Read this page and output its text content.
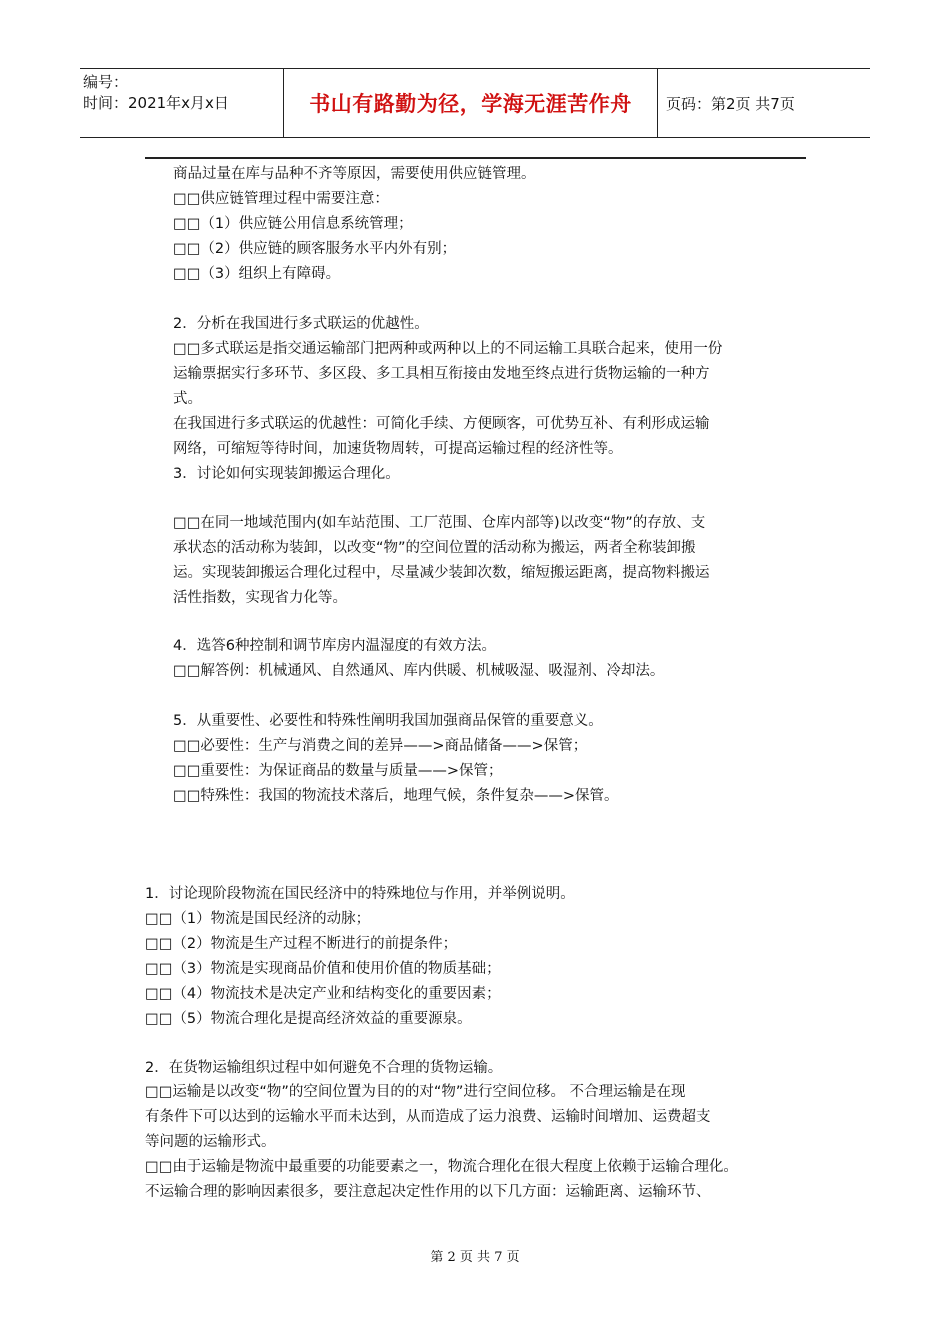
编号：
时间：2021年x月x日	书山有路勤为径，学海无涯苦作舟 页码：第2页 共7页
商品过量在库与品种不齐等原因，需要使用供应链管理。
□□供应链管理过程中需要注意：
□□（1）供应链公用信息系统管理；
□□（2）供应链的顾客服务水平内外有别；
□□（3）组织上有障碍。
2．分析在我国进行多式联运的优越性。
□□多式联运是指交通运输部门把两种或两种以上的不同运输工具联合起来，使用一份
运输票据实行多环节、多区段、多工具相互衔接由发地至终点进行货物运输的一种方
式。
在我国进行多式联运的优越性：可简化手续、方便顾客，可优势互补、有利形成运输
网络，可缩短等待时间，加速货物周转，可提高运输过程的经济性等。
3．讨论如何实现装卸搬运合理化。
□□在同一地域范围内(如车站范围、工厂范围、仓库内部等)以改变“物”的存放、支
承状态的活动称为装卸，以改变“物”的空间位置的活动称为搬运，两者全称装卸搬
运。实现装卸搬运合理化过程中，尽量减少装卸次数，缩短搬运距离，提高物料搬运
活性指数，实现省力化等。
4．选答6种控制和调节库房内温湿度的有效方法。
□□解答例：机械通风、自然通风、库内供暖、机械吸湿、吸湿剂、冷却法。
5．从重要性、必要性和特殊性阐明我国加强商品保管的重要意义。
□□必要性：生产与消费之间的差异——>商品储备——>保管；
□□重要性：为保证商品的数量与质量——>保管；
□□特殊性：我国的物流技术落后，地理气候，条件复杂——>保管。
1．讨论现阶段物流在国民经济中的特殊地位与作用，并举例说明。
□□（1）物流是国民经济的动脉；
□□（2）物流是生产过程不断进行的前提条件；
□□（3）物流是实现商品价值和使用价值的物质基础；
□□（4）物流技术是决定产业和结构变化的重要因素；
□□（5）物流合理化是提高经济效益的重要源泉。
2．在货物运输组织过程中如何避免不合理的货物运输。
□□运输是以改变“物”的空间位置为目的的对“物”进行空间位移。 不合理运输是在现
有条件下可以达到的运输水平而未达到，从而造成了运力浪费、运输时间增加、运费超支
等问题的运输形式。
□□由于运输是物流中最重要的功能要素之一，物流合理化在很大程度上依赖于运输合理化。
不运输合理的影响因素很多，要注意起决定性作用的以下几方面：运输距离、运输环节、
第 2 页 共 7 页
